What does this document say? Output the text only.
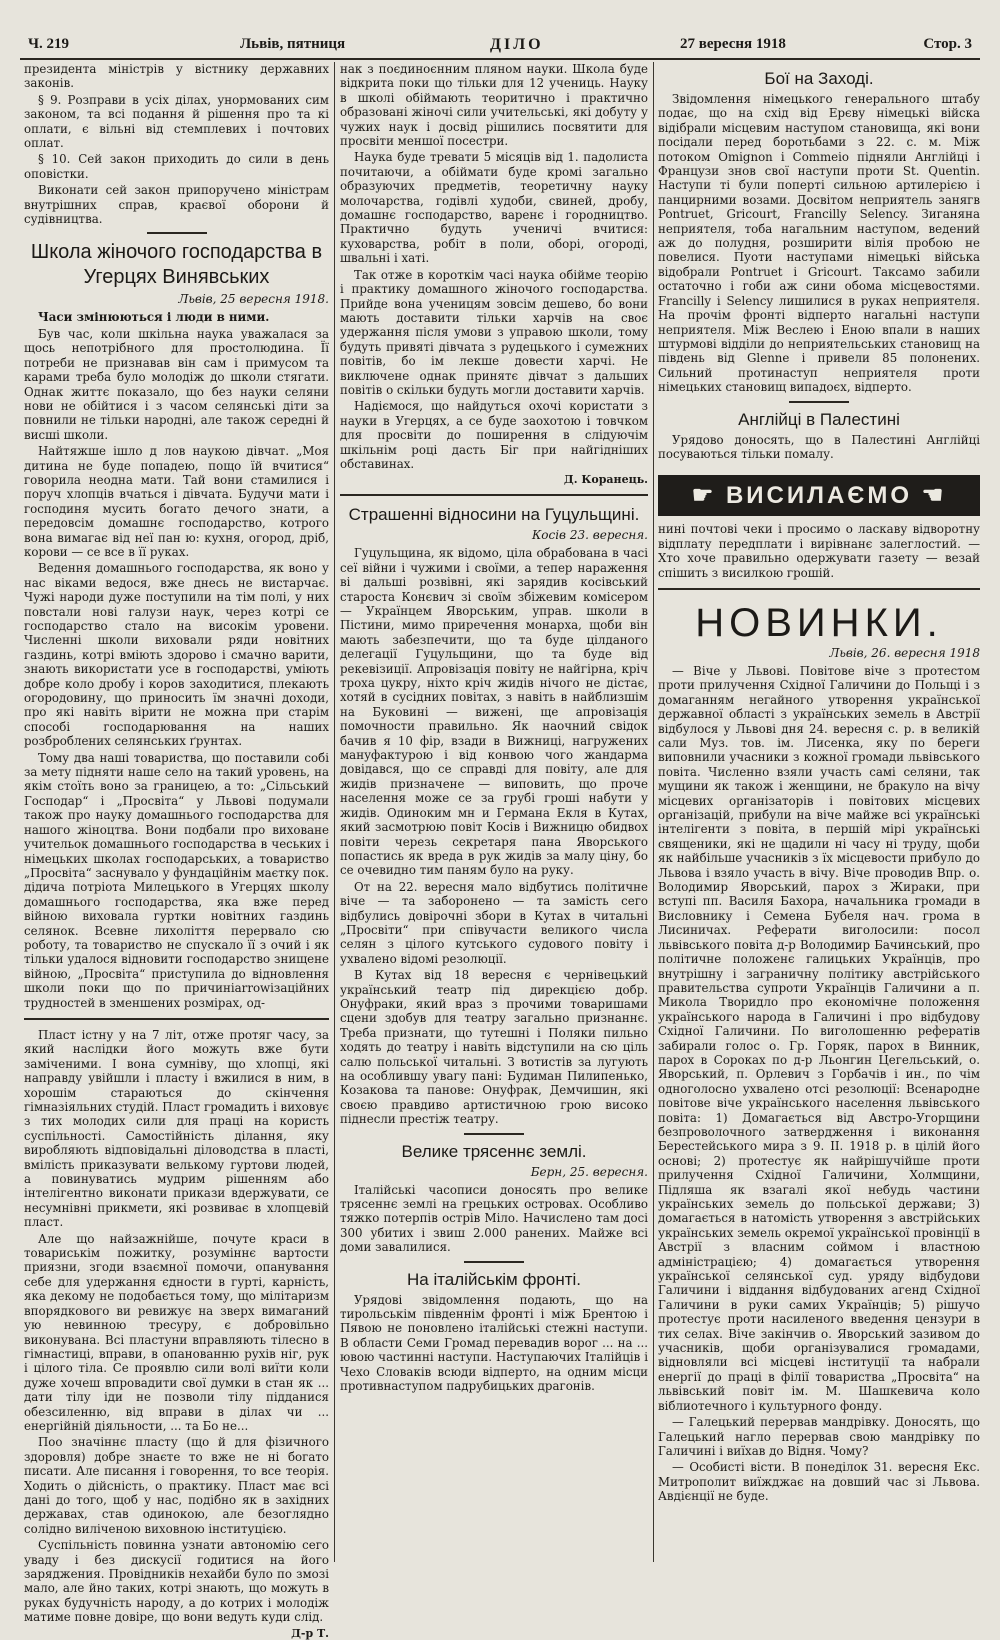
Ч. 219	Львів, пятниця	ДІЛО	27 вересня 1918	Стор. 3

президента міністрів у вістнику державних законів.

§ 9. Розправи в усіх ділах, унормованих сим законом, та всі подання й рішення про та кі оплати, є вільні від стемплевих і почтових оплат.

§ 10. Сей закон приходить до сили в день оповістки.

Виконати сей закон припоручено міністрам внутрішних справ, краєвої оборони й судівництва.

Школа жіночого господарства в Угерцях Винявських
Львів, 25 вересня 1918.

Часи змінюються і люди в ними.

Був час, коли шкільна наука уважалася за щось непотрібного для простолюдина. Її потреби не признавав він сам і примусом та карами треба було молодіж до школи стягати. Однак життє показало, що без науки селяни нови не обійтися і з часом селянські діти за повнили не тільки народні, але також середні й висші школи.

Найтяжше ішло д лов наукою дівчат. „Моя дитина не буде попадею, пощо їй вчитися“ говорила неодна мати. Тай вони стамилися і поруч хлопців вчаться і дівчата. Будучи мати і господиня мусить богато дечого знати, а передовсім домашнє господарство, котрого вона вимагає від неї пан ю: кухня, огород, дріб, корови — се все в її руках.

Ведення домашнього господарства, як воно у нас віками ведося, вже днесь не вистарчає. Чужі народи дуже поступили на тім полі, у них повстали нові галузи наук, через котрі се господарство стало на високім уровени. Численні школи виховали ряди новітних газдинь, котрі вміють здорово і смачно варити, знають використати усе в господарстві, уміють добре коло дробу і коров заходитися, плекають огородовину, що приносить їм значні доходи, про які навіть вірити не можна при старім способі господарювання на наших розброблених селянських ґрунтах.

Тому два наші товариства, що поставили собі за мету підняти наше село на такий уровень, на якім стоїть воно за границею, а то: „Сільський Господар“ і „Просвіта“ у Львові подумали також про науку домашнього господарства для нашого жіноцтва. Вони подбали про виховане учительок домашнього господарства в чеських і німецьких школах господарських, а товариство „Просвіта“ заснувало у фундаційнім маєтку пок. дідича потріота Милецького в Угерцях школу домашнього господарства, яка вже перед війною виховала гуртки новітних газдинь селянок. Всевне лихоліття перервало сю роботу, та товариство не спускало її з очий і як тільки удалося відновити господарство знищене війною, „Просвіта“ приступила до відновлення школи поки що по причиніarrowізаційних трудностей в зменшених розмірах, од-

Пласт істну у на 7 літ, отже протяг часу, за який наслідки його можуть вже бути заміченими. І вона сумніву, що хлопці, які направду увійшли і пласту і вжилися в ним, в хорошім стараються до скінчення гімназіяльних студій. Пласт громадить і виховує з тих молодих сили для праці на користь суспільності. Самостійність ділання, яку виробляють відповідальні діловодства в пласті, вмілість приказувати велькому гуртови людей, а повинуватись мудрим рішенням або інтелігентно виконати прикази вдержувати, се несумнівні прикмети, які розвиває в хлопцевій пласт.

Але що найзажнійше, почуте краси в товариськім пожитку, розуміннє вартости приязни, згоди взаємної помочи, опанування себе для удержання єдности в гурті, карність, яка декому не подобається тому, що мілітаризм впорядкового ви ревижує на зверх вимаганий ую невинною тресуру, є добровільно виконувана. Всі пластуни вправляють тілесно в гімнастиці, вправи, в опанованню рухів ніг, рук і цілого тіла. Се проявлю сили волі виїти коли дуже хочеш впровадити свої думки в стан як ... дати тілу іди не позволи тілу підданися обезсиленню, від вправи в ділах чи ... енергійній діяльности, ... та Бо не...

Поо значіннє пласту (що й для фізичного здоровля) добре знаєте то вже не ні богато писати. Але писання і говорення, то все теорія. Ходить о дійсність, о практику. Пласт має всі дані до того, щоб у нас, подібно як в західних державах, став одинокою, але безоглядно солідно виліченою виховною інституцією.

Суспільність повинна узнати автономію сего уваду і без дискусії годитися на його заряджения. Провідників нехайби було по змозі мало, але йно таких, котрі знають, що можуть в руках будучність народу, а до котрих і молодіж матиме повне довіре, що вони ведуть куди слід.

Д-р Т.

нак з поєдиноєнним пляном науки. Школа буде відкрита поки що тільки для 12 учениць. Науку в школі обіймають теоритично і практично образовані жіночі сили учительські, які добуту у чужих наук і досвід рішились посвятити для просвіти меншої посестри.

Наука буде тревати 5 місяців від 1. падолиста почитаючи, а обіймати буде кромі загально образуючих предметів, теоретичну науку молочарства, годівлі худоби, свиней, дробу, домашнє господарство, варенє і городництво. Практично будуть ученичі вчитися: куховарства, робіт в поли, оборі, огороді, швальні і хаті.

Так отже в короткім часі наука обійме теорію і практику домашного жіночого господарства. Прийде вона ученицям зовсім дешево, бо вони мають доставити тільки харчів на своє удержання після умови з управою школи, тому будуть привяті дівчата з рудецького і сумежних повітів, бо ім лекше довести харчі. Не виключене однак принятє дівчат з дальших повітів о скільки будуть могли доставити харчів.

Надіємося, що найдуться охочі користати з науки в Угерцях, а се буде заохотою і товчком для просвіти до поширення в слідуючім шкільнім році дасть Біг при найгідніших обставинах.

Д. Коранець.
Страшенні відносини на Гуцульщині.
Косів 23. вересня.

Гуцульщина, як відомо, ціла обрабована в часі сеї війни і чужими і своїми, а тепер нараження ві дальші розвівні, які зарядив косівський староста Конєвич зі своїм збіжевим комісером — Українцем Яворським, управ. школи в Пістини, мимо приречення монарха, щоби він мають забезпечити, що та буде цілданого делегації Гуцульщини, що та буде від рекевізиції. Апровізація повіту не найгірна, кріч троха цукру, ніхто кріч жидів нічого не дістає, хотяй в сусідних повітах, з навіть в найблизшім на Буковині — вижені, ще апровізація помочности правильно. Як наочний свідок бачив я 10 фір, взади в Вижниці, нагружених мануфактурою і від конвою чого жандарма довідався, що се справді для повіту, але для жидів призначене — виповить, що проче населення може се за грубі гроші набути у жидів. Одиноким мн и Германа Екля в Кутах, який засмотрюю повіт Косів і Вижницю обидвох повіти черезь секретаря пана Яворського попастись як вреда в рук жидів за малу ціну, бо се очевидно тим паням було на руку.

От на 22. вересня мало відбутись політичне віче — та заборонено — та замість сего відбулись довірочні збори в Кутах в читальні „Просвіти“ при співучасти великого числа селян з цілого кутського судового повіту і ухвалено відомі резолюції.

В Кутах від 18 вересня є чернівецький український театр під дирекцією добр. Онуфраки, який враз з прочими товаришами сцени здобув для театру загально признаннє. Треба признати, що тутешні і Поляки пильно ходять до театру і навіть відступили на сю ціль салю польської читальні. З вотистів за лугують на особлившу увагу пані: Будиман Пилипенько, Козакова та панове: Онуфрак, Демчишин, які своєю правдиво артистичною грою високо піднесли престіж театру.

Велике трясеннє землі.
Берн, 25. вересня.

Італійські часописи доносять про велике трясеннє землі на грецьких островах. Особливо тяжко потерпів острів Міло. Начислено там досі 300 убитих і звиш 2.000 ранених. Майже всі доми завалилися.

На італійськім фронті.

Урядові звідомлення подають, що на тирольськім південнім фронті і між Брентою і Пявою не поновлено італійські стежні наступи. В области Семи Громад перевадив ворог ... на ... ювою частинні наступи. Наступаючих Італійців і Чехо Словаків всюди відперто, на одним місци противнаступом падрубицьких драгонів.

Бої на Заході.

Звідомлення німецького генерального штабу подає, що на схід від Ерєву німецькі війска відібрали місцевим наступом становища, які вони посідали перед боротьбами з 22. с. м. Між потоком Omignon і Commeio підняли Англійці і Французи знов свої наступи проти St. Quentin. Наступи ті були попертi сильною артилерією і панцирними возами. Досвітом неприятель занягв Pontruet, Gricourt, Francilly Selency. Зиганяна неприятеля, тоба нагальним наступом, ведений аж до полудня, розширити вілія пробою не повелися. Пуоти наступами німецькі війська відобрали Pontruet і Gricourt. Таксамо забили остаточно і гоби аж сини обома місцевостями. Francilly і Selency лишилися в руках неприятеля. На прочім фронті відперто нагальні наступи неприятеля. Між Веслею і Еною впали в наших штурмові відділи до неприятельських становищ на південь від Glenne і привели 85 полонених. Сильний протинаступ неприятеля проти німецьких становищ випадоєх, відперто.

Англійці в Палестині

Урядово доносять, що в Палестині Англійці посуваються тільки помалу.

☛ ВИСИЛАЄМО ☚

нині почтові чеки і просимо о ласкаву відворотну відплату передплати і вирівнанє залеглостий. — Хто хоче правильно одержувати газету — везай спішить з висилкою грошій.

НОВИНКИ.
Львів, 26. вересня 1918

— Віче у Львові. Повітове віче з протестом проти прилучення Східної Галичини до Польщі і з домаганням негайного утворення української державної області з українських земель в Австрії відбулося у Львові дня 24. вересня с. р. в великій сали Муз. тов. ім. Лисенка, яку по береги виповнили учасники з кожної громади львівського повіта. Численно взяли участь самі селяни, так мущини як також і женщини, не бракуло на вічу місцевих організаторів і повітових місцевих організацій, прибули на віче майже всі українські інтелігенти з повіта, в першій мірі українські священики, які не щадили ні часу ні труду, щоби як найбільше учасників з їх місцевости прибуло до Львова і взяло участь в вічу. Віче проводив Впр. о. Володимир Яворський, парох з Жираки, при вступі пп. Василя Бахора, начальника громади в Висловнику і Семена Бубеля нач. грома в Лисиничах. Реферати виголосили: посол львівського повіта д-р Володимир Бачинський, про політичне положенє галицьких Українців, про внутрішну і заграничну політику австрійського правительства супроти Українців Галичини а п. Микола Творидло про економічне положення українського народа в Галичині і про відбудову Східної Галичини. По виголошенню рефератів забирали голос о. Гр. Горяк, парох в Винник, парох в Сороках по д-р Льонгин Цегельський, о. Яворський, п. Орлевич з Горбачів і ин., по чім одноголосно ухвалено отсі резолюції: Всенародне повітове віче українського населення львівського повіта: 1) Домагається від Австро-Угорщини безпроволочного затвердження і виконання Берестейського мира з 9. ІІ. 1918 р. в цілій його основі; 2) протестує як найрішучійше проти прилучення Східної Галичини, Холмщини, Підляша як взагалі якої небудь частини українських земель до польської держави; 3) домагається в натомість утворення з австрійських українських земель окремої української провінції в Австрії з власним соймом і властною адміністрацією; 4) домагається утворення української селянської суд. уряду відбудови Галичини і віддання відбудованих агенд Східної Галичини в руки самих Українців; 5) рішучо протестує проти насиленого введення цензури в тих селах. Віче закінчив о. Яворський зазивом до учасників, щоби організувалися громадами, відновляли всі місцеві інституції та набрали енергії до праці в філії товариства „Просвіта“ на львівський повіт ім. М. Шашкевича коло віблиотечного і культурного фонду.

— Галецький перервав мандрівку. Доносять, що Галецький наглo перервав свою мандрівку по Галичині і виїхав до Відня. Чому?

— Особисті вісти. В понеділок 31. вересня Екс. Митрополит виїжджає на довший час зі Львова. Авдієнції не буде.
